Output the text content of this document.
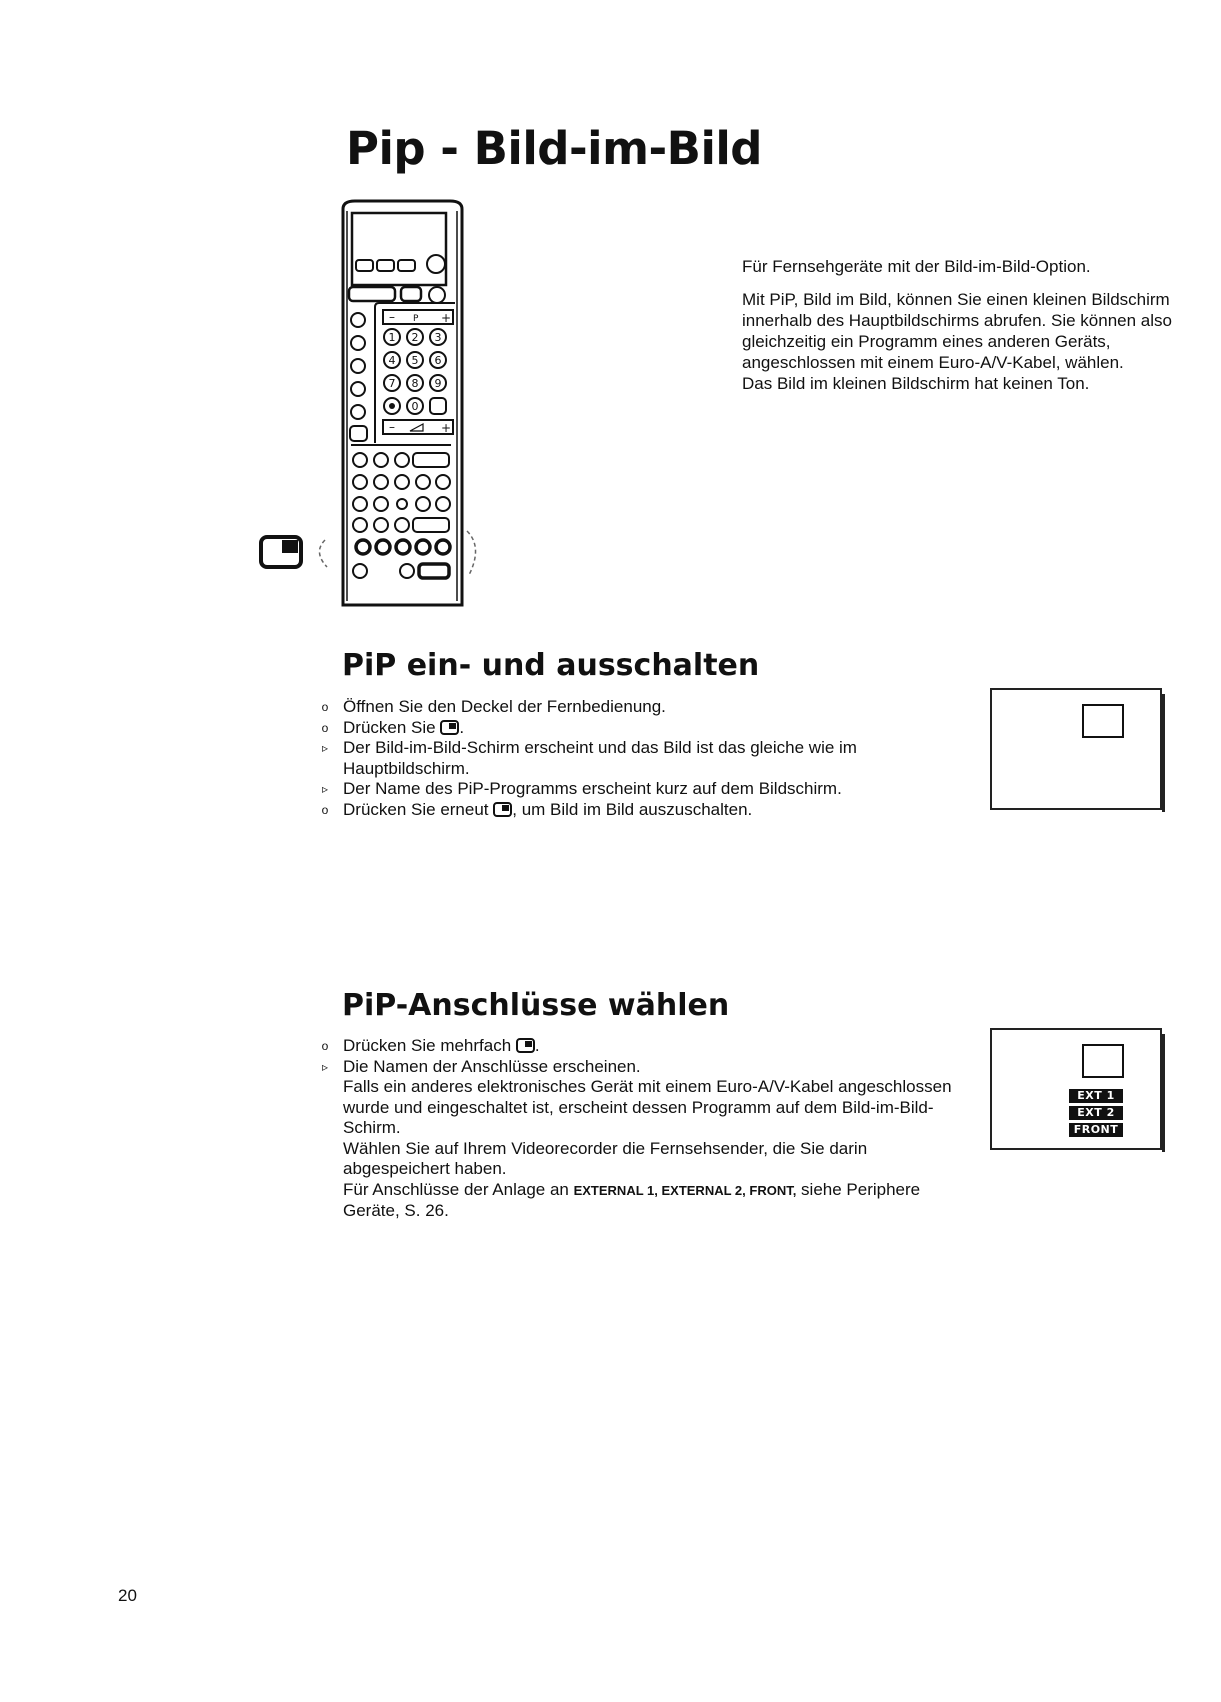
Pip - Bild-im-Bild
– P +
1 2 3
4 5 6
7 8 9
0
–	+

Für Fernsehgeräte mit der Bild-im-Bild-Option.

Mit PiP, Bild im Bild, können Sie einen kleinen Bildschirm innerhalb des Hauptbildschirms abrufen. Sie können also gleichzeitig ein Programm eines anderen Geräts, angeschlossen mit einem Euro-A/V-Kabel, wählen.

Das Bild im kleinen Bildschirm hat keinen Ton.

PiP ein- und ausschalten
o Öffnen Sie den Deckel der Fernbedienung.
o Drücken Sie .
▹ Der Bild-im-Bild-Schirm erscheint und das Bild ist das gleiche wie im Hauptbildschirm.
▹ Der Name des PiP-Programms erscheint kurz auf dem Bildschirm.
o Drücken Sie erneut , um Bild im Bild auszuschalten.
PiP-Anschlüsse wählen
o Drücken Sie mehrfach .
▹ Die Namen der Anschlüsse erscheinen.
Falls ein anderes elektronisches Gerät mit einem Euro-A/V-Kabel angeschlossen wurde und eingeschaltet ist, erscheint dessen Programm auf dem Bild-im-Bild-Schirm.
Wählen Sie auf Ihrem Videorecorder die Fernsehsender, die Sie darin abgespeichert haben.
Für Anschlüsse der Anlage an EXTERNAL 1, EXTERNAL 2, FRONT, siehe Periphere Geräte, S. 26.
EXT 1
EXT 2
FRONT
20
